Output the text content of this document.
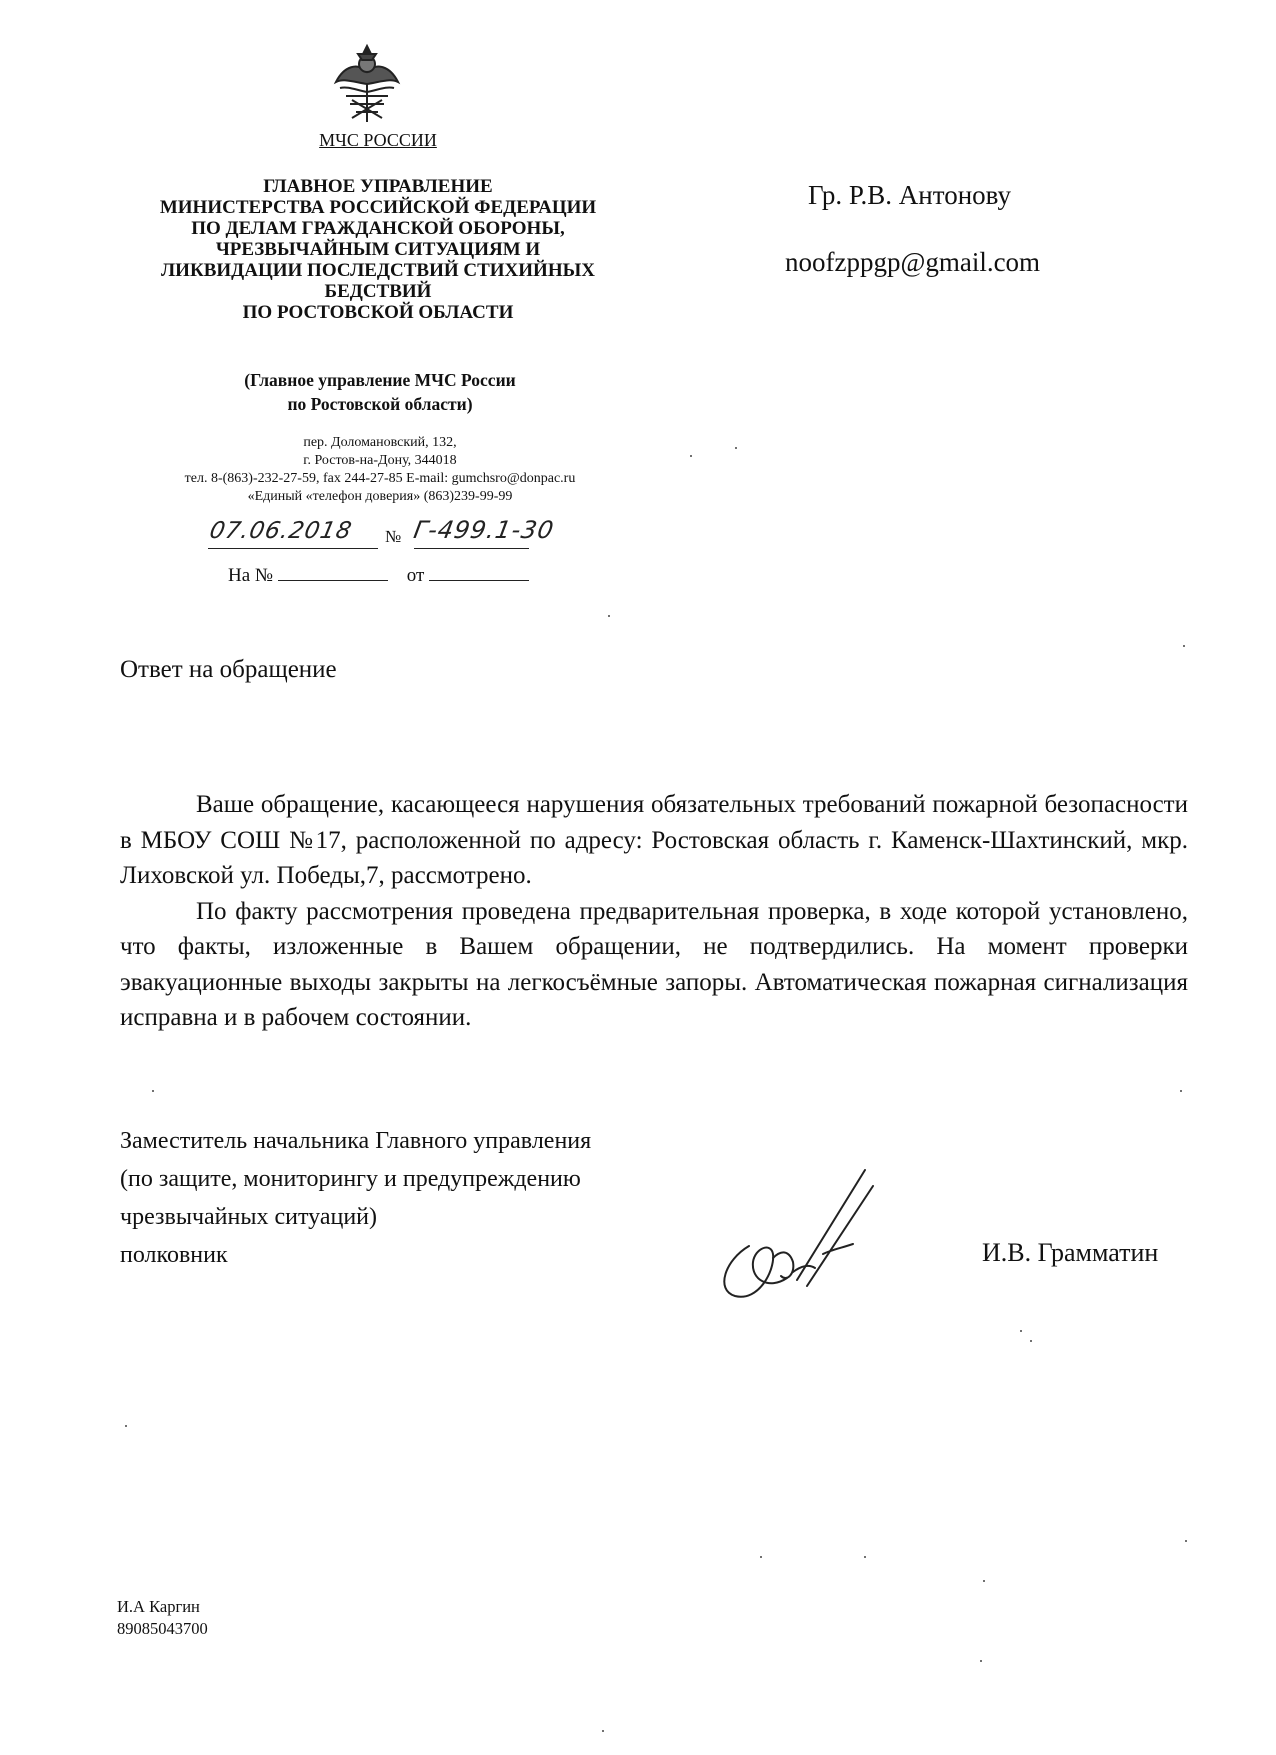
МЧС РОССИИ
ГЛАВНОЕ УПРАВЛЕНИЕ
МИНИСТЕРСТВА РОССИЙСКОЙ ФЕДЕРАЦИИ
ПО ДЕЛАМ ГРАЖДАНСКОЙ ОБОРОНЫ,
ЧРЕЗВЫЧАЙНЫМ СИТУАЦИЯМ И
ЛИКВИДАЦИИ ПОСЛЕДСТВИЙ СТИХИЙНЫХ
БЕДСТВИЙ
ПО РОСТОВСКОЙ ОБЛАСТИ
(Главное управление МЧС России
по Ростовской области)
пер. Доломановский, 132,
г. Ростов-на-Дону, 344018
тел. 8-(863)-232-27-59, fax 244-27-85 E-mail: gumchsro@donpac.ru
«Единый «телефон доверия» (863)239-99-99
07.06.2018	№ Г-499.1-30
На №	от
Гр. Р.В. Антонову
noofzppgp@gmail.com
Ответ на обращение

Ваше обращение, касающееся нарушения обязательных требований пожарной безопасности в МБОУ СОШ №17, расположенной по адресу: Ростовская область г. Каменск-Шахтинский, мкр. Лиховской ул. Победы,7, рассмотрено.

По факту рассмотрения проведена предварительная проверка, в ходе которой установлено, что факты, изложенные в Вашем обращении, не подтвердились. На момент проверки эвакуационные выходы закрыты на легкосъёмные запоры. Автоматическая пожарная сигнализация исправна и в рабочем состоянии.

Заместитель начальника Главного управления
(по защите, мониторингу и предупреждению
чрезвычайных ситуаций)
полковник	И.В. Грамматин
И.А Каргин
89085043700
